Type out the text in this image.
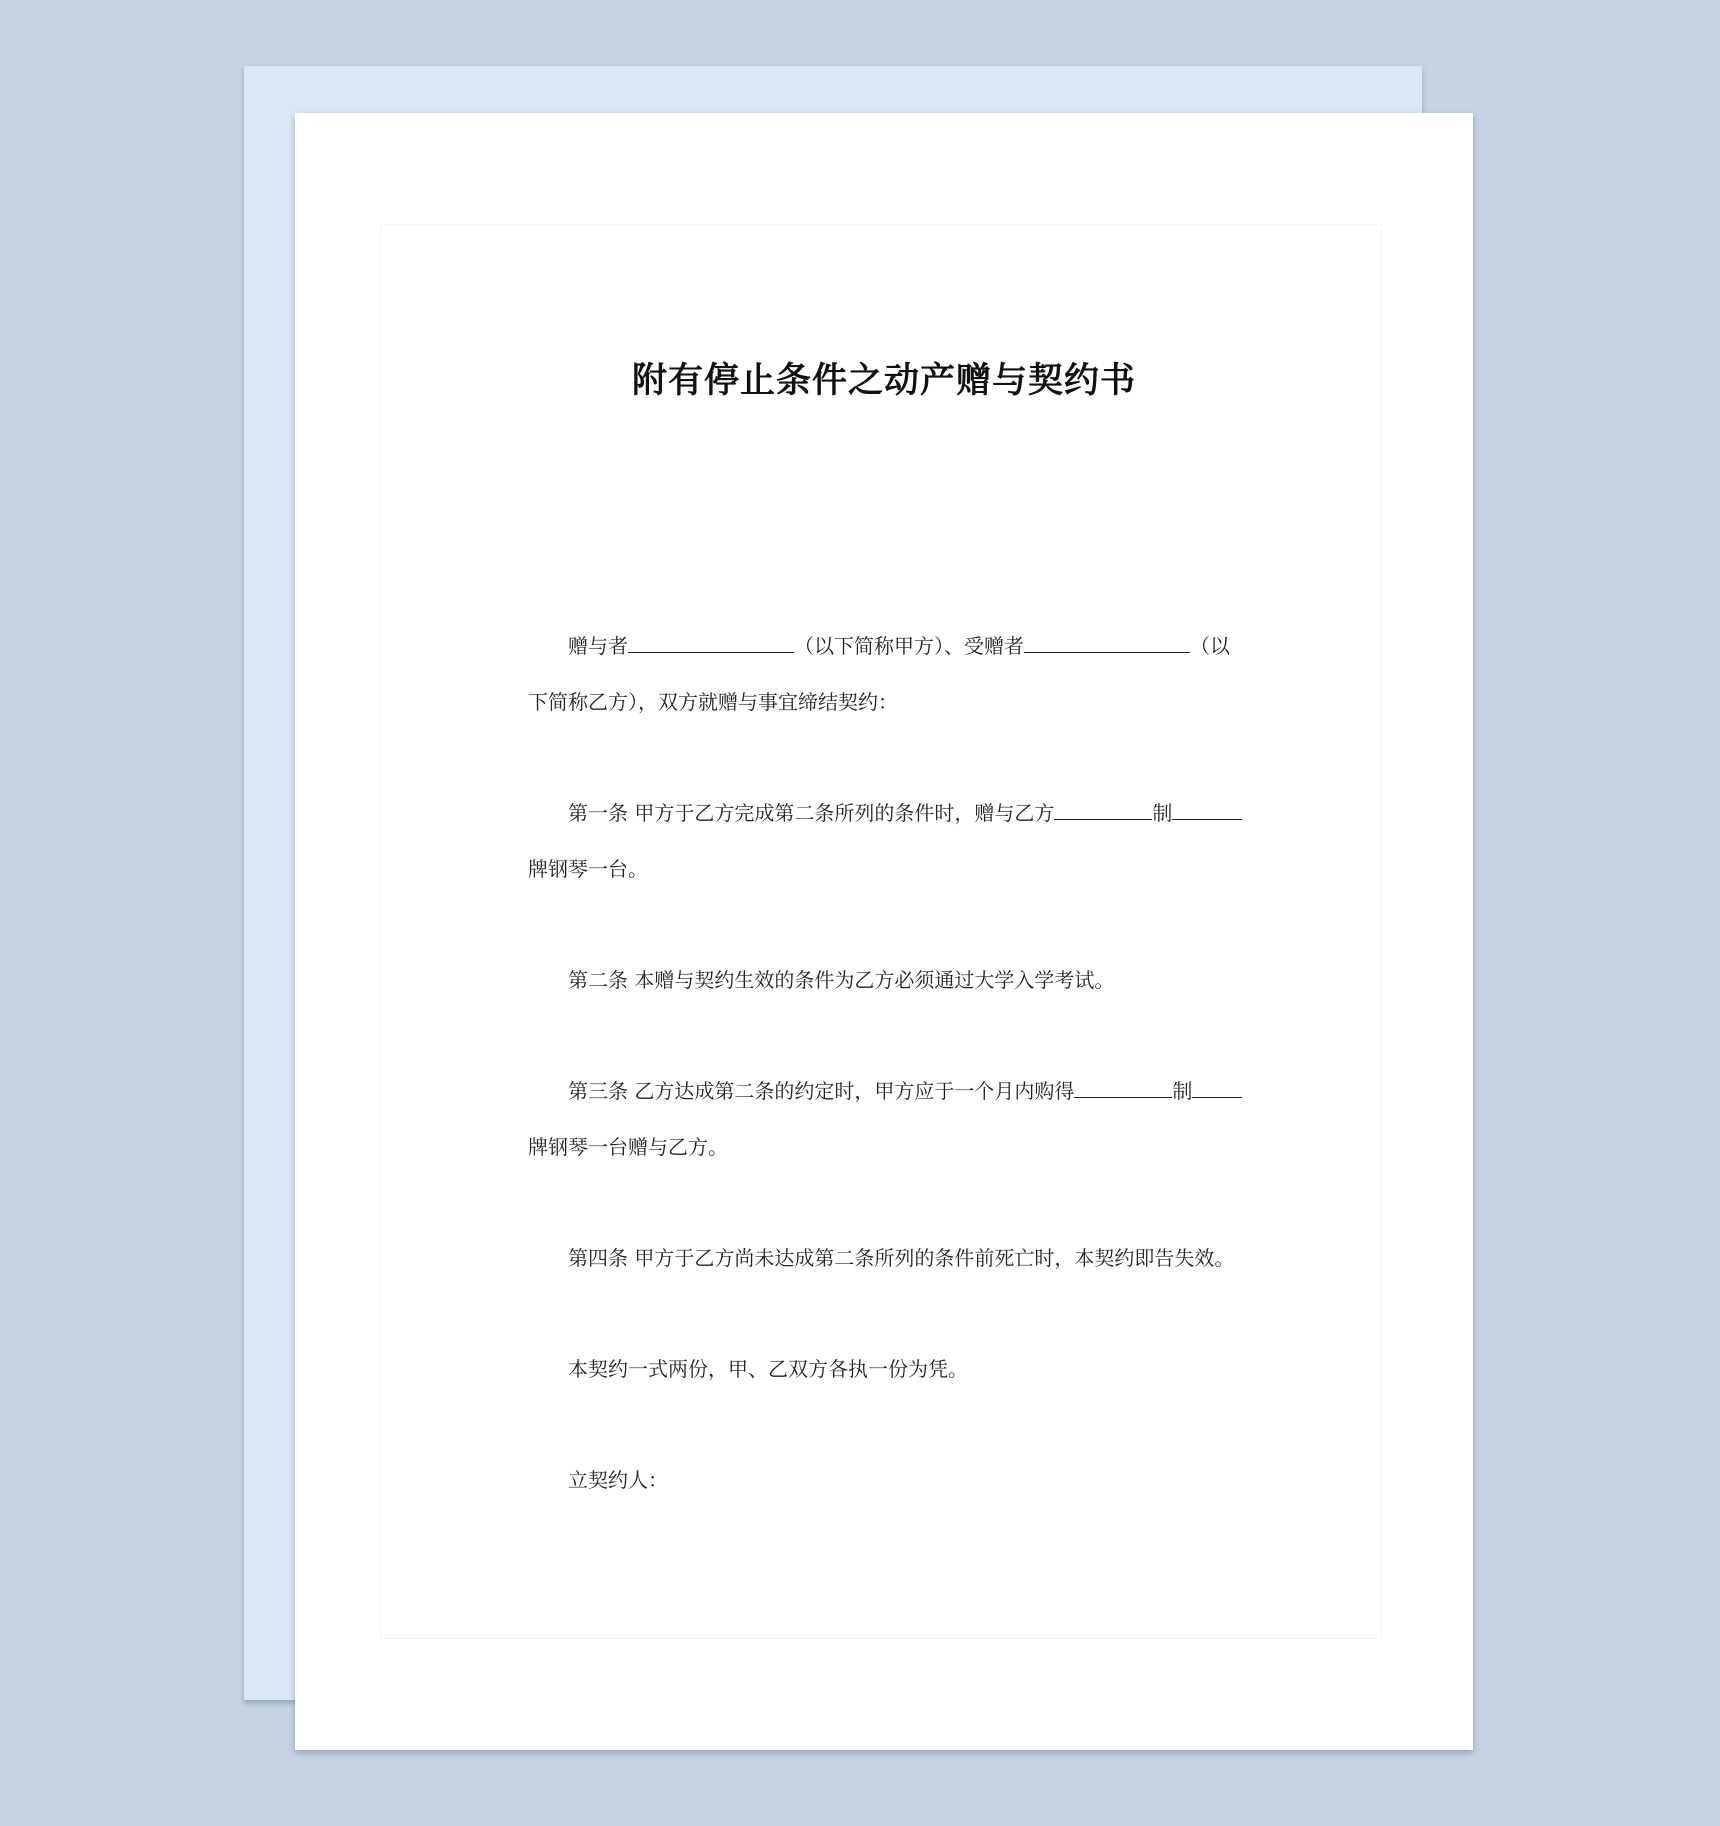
附有停止条件之动产赠与契约书

赠与者	（以下简称甲方）、受赠者	（以下简称乙方），双方就赠与事宜缔结契约：

第一条 甲方于乙方完成第二条所列的条件时，赠与乙方	制牌钢琴一台。

第二条 本赠与契约生效的条件为乙方必须通过大学入学考试。

第三条 乙方达成第二条的约定时，甲方应于一个月内购得	制牌钢琴一台赠与乙方。

第四条 甲方于乙方尚未达成第二条所列的条件前死亡时，本契约即告失效。

本契约一式两份，甲、乙双方各执一份为凭。

立契约人：
